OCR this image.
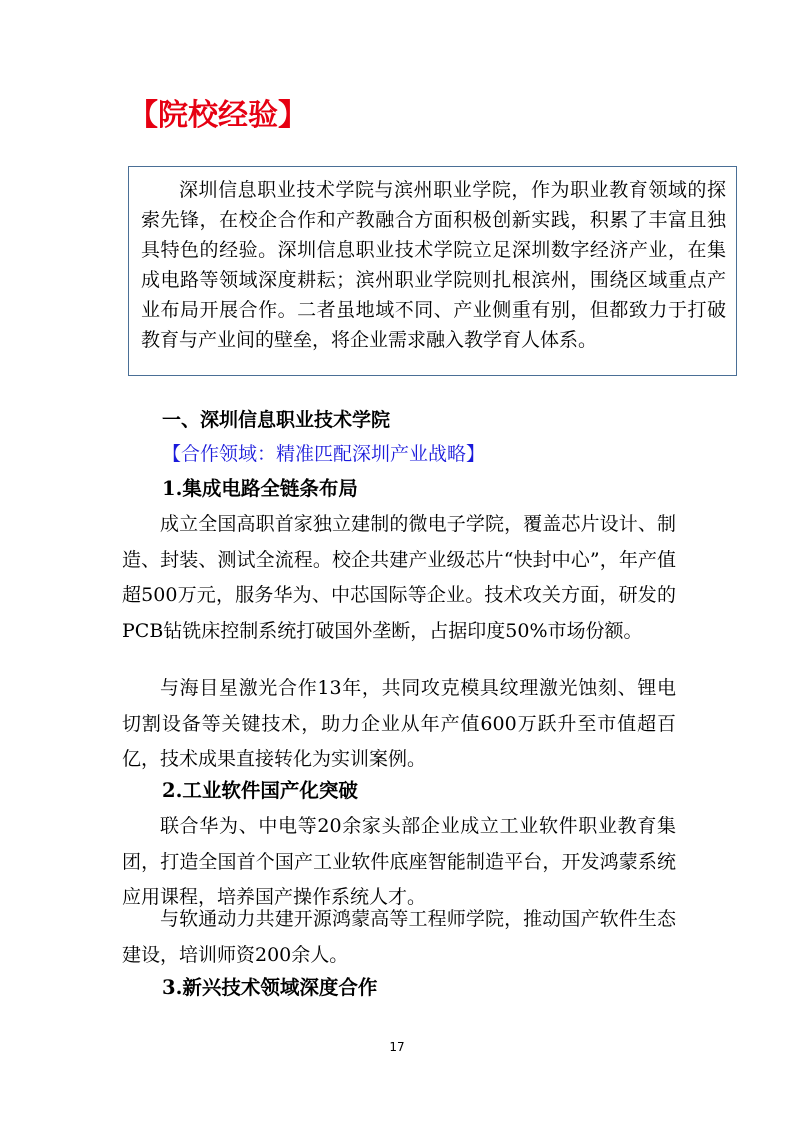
【院校经验】

深圳信息职业技术学院与滨州职业学院，作为职业教育领域的探索先锋，在校企合作和产教融合方面积极创新实践，积累了丰富且独具特色的经验。深圳信息职业技术学院立足深圳数字经济产业，在集成电路等领域深度耕耘；滨州职业学院则扎根滨州，围绕区域重点产业布局开展合作。二者虽地域不同、产业侧重有别，但都致力于打破教育与产业间的壁垒，将企业需求融入教学育人体系。

一、深圳信息职业技术学院
【合作领域：精准匹配深圳产业战略】
1.集成电路全链条布局

成立全国高职首家独立建制的微电子学院，覆盖芯片设计、制造、封装、测试全流程。校企共建产业级芯片“快封中心”，年产值超500万元，服务华为、中芯国际等企业。技术攻关方面，研发的PCB钻铣床控制系统打破国外垄断，占据印度50%市场份额。

与海目星激光合作13年，共同攻克模具纹理激光蚀刻、锂电切割设备等关键技术，助力企业从年产值600万跃升至市值超百亿，技术成果直接转化为实训案例。

2.工业软件国产化突破

联合华为、中电等20余家头部企业成立工业软件职业教育集团，打造全国首个国产工业软件底座智能制造平台，开发鸿蒙系统应用课程，培养国产操作系统人才。

与软通动力共建开源鸿蒙高等工程师学院，推动国产软件生态建设，培训师资200余人。

3.新兴技术领域深度合作
17
